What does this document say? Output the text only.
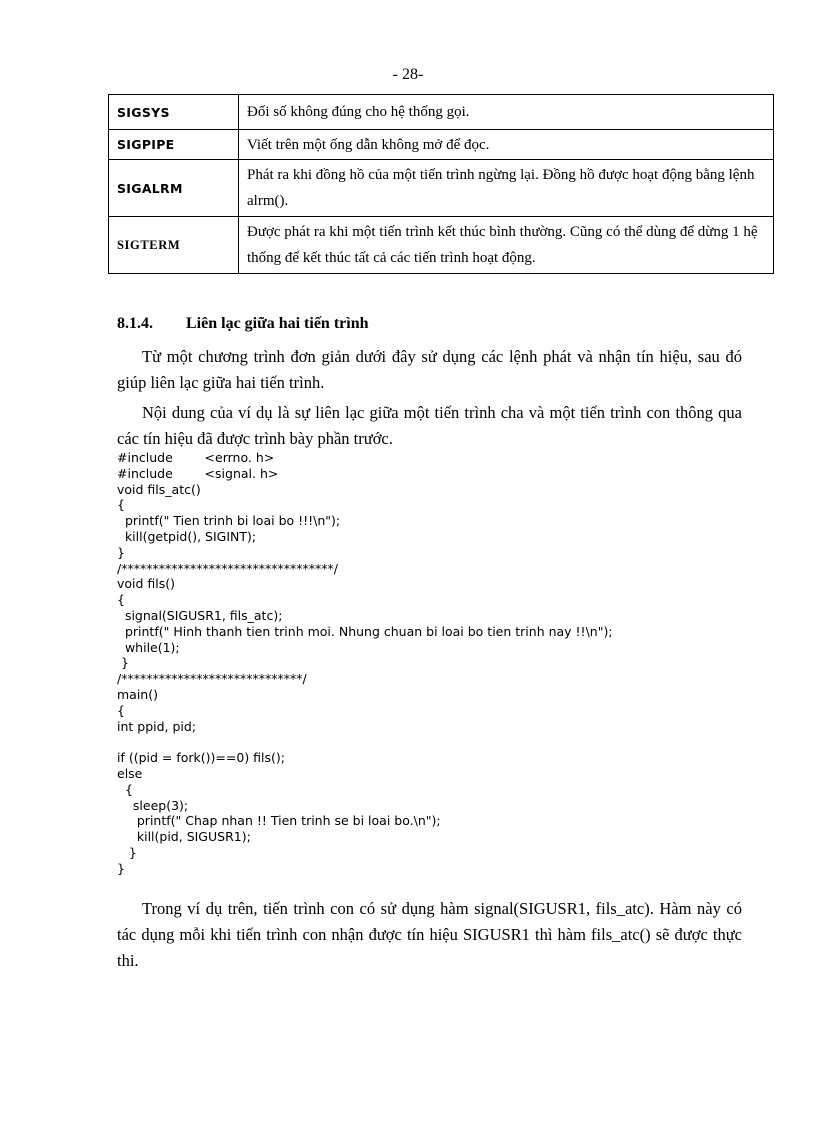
- 28-
SIGSYS	Đối số không đúng cho hệ thống gọi.
SIGPIPE	Viết trên một ống dẫn không mở để đọc.
SIGALRM	Phát ra khi đồng hồ của một tiến trình ngừng lại. Đồng hồ được hoạt động bằng lệnh alrm().
SIGTERM	Được phát ra khi một tiến trình kết thúc bình thường. Cũng có thể dùng để dừng 1 hệ thống để kết thúc tất cả các tiến trình hoạt động.
8.1.4. Liên lạc giữa hai tiến trình

Từ một chương trình đơn giản dưới đây sử dụng các lệnh phát và nhận tín hiệu, sau đó giúp liên lạc giữa hai tiến trình.

Nội dung của ví dụ là sự liên lạc giữa một tiến trình cha và một tiến trình con thông qua các tín hiệu đã được trình bày phần trước.

#include        <errno. h>
#include        <signal. h>
void fils_atc()
{
printf(" Tien trinh bi loai bo !!!\n");
kill(getpid(), SIGINT);
}
/**********************************/
void fils()
{
signal(SIGUSR1, fils_atc);
printf(" Hinh thanh tien trinh moi. Nhung chuan bi loai bo tien trinh nay !!\n");
while(1);
}
/*****************************/
main()
{
int ppid, pid;

if ((pid = fork())==0) fils();
else
{
sleep(3);
printf(" Chap nhan !! Tien trinh se bi loai bo.\n");
kill(pid, SIGUSR1);
}
}

Trong ví dụ trên, tiến trình con có sử dụng hàm signal(SIGUSR1, fils_atc). Hàm này có tác dụng mỗi khi tiến trình con nhận được tín hiệu SIGUSR1 thì hàm fils_atc() sẽ được thực thi.
